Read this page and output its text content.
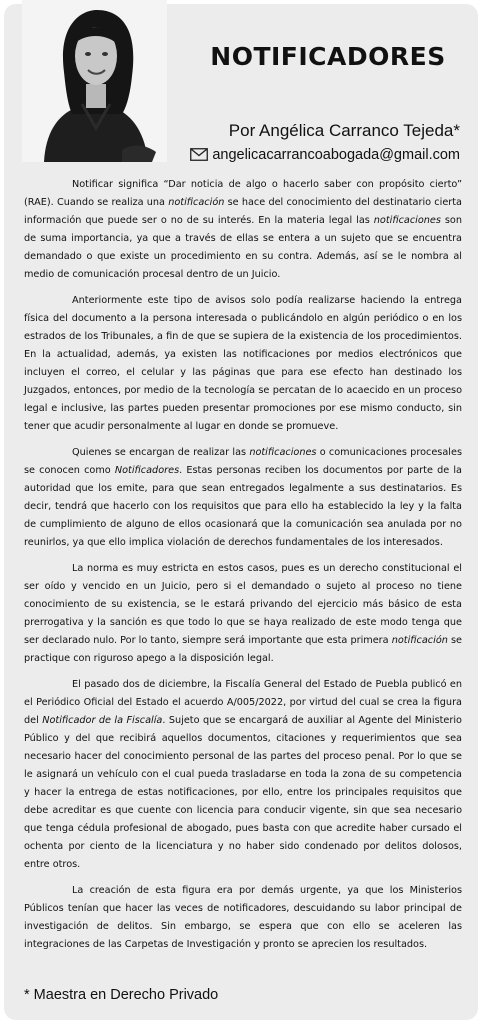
NOTIFICADORES
Por Angélica Carranco Tejeda*
angelicacarrancoabogada@gmail.com

Notificar significa “Dar noticia de algo o hacerlo saber con propósito cierto” (RAE). Cuando se realiza una notificación se hace del conocimiento del destinatario cierta información que puede ser o no de su interés. En la materia legal las notificaciones son de suma importancia, ya que a través de ellas se entera a un sujeto que se encuentra demandado o que existe un procedimiento en su contra. Además, así se le nombra al medio de comunicación procesal dentro de un Juicio.

Anteriormente este tipo de avisos solo podía realizarse haciendo la entrega física del documento a la persona interesada o publicándolo en algún periódico o en los estrados de los Tribunales, a fin de que se supiera de la existencia de los procedimientos. En la actualidad, además, ya existen las notificaciones por medios electrónicos que incluyen el correo, el celular y las páginas que para ese efecto han destinado los Juzgados, entonces, por medio de la tecnología se percatan de lo acaecido en un proceso legal e inclusive, las partes pueden presentar promociones por ese mismo conducto, sin tener que acudir personalmente al lugar en donde se promueve.

Quienes se encargan de realizar las notificaciones o comunicaciones procesales se conocen como Notificadores. Estas personas reciben los documentos por parte de la autoridad que los emite, para que sean entregados legalmente a sus destinatarios. Es decir, tendrá que hacerlo con los requisitos que para ello ha establecido la ley y la falta de cumplimiento de alguno de ellos ocasionará que la comunicación sea anulada por no reunirlos, ya que ello implica violación de derechos fundamentales de los interesados.

La norma es muy estricta en estos casos, pues es un derecho constitucional el ser oído y vencido en un Juicio, pero si el demandado o sujeto al proceso no tiene conocimiento de su existencia, se le estará privando del ejercicio más básico de esta prerrogativa y la sanción es que todo lo que se haya realizado de este modo tenga que ser declarado nulo. Por lo tanto, siempre será importante que esta primera notificación se practique con riguroso apego a la disposición legal.

El pasado dos de diciembre, la Fiscalía General del Estado de Puebla publicó en el Periódico Oficial del Estado el acuerdo A/005/2022, por virtud del cual se crea la figura del Notificador de la Fiscalía. Sujeto que se encargará de auxiliar al Agente del Ministerio Público y del que recibirá aquellos documentos, citaciones y requerimientos que sea necesario hacer del conocimiento personal de las partes del proceso penal. Por lo que se le asignará un vehículo con el cual pueda trasladarse en toda la zona de su competencia y hacer la entrega de estas notificaciones, por ello, entre los principales requisitos que debe acreditar es que cuente con licencia para conducir vigente, sin que sea necesario que tenga cédula profesional de abogado, pues basta con que acredite haber cursado el ochenta por ciento de la licenciatura y no haber sido condenado por delitos dolosos, entre otros.

La creación de esta figura era por demás urgente, ya que los Ministerios Públicos tenían que hacer las veces de notificadores, descuidando su labor principal de investigación de delitos. Sin embargo, se espera que con ello se aceleren las integraciones de las Carpetas de Investigación y pronto se aprecien los resultados.

* Maestra en Derecho Privado
